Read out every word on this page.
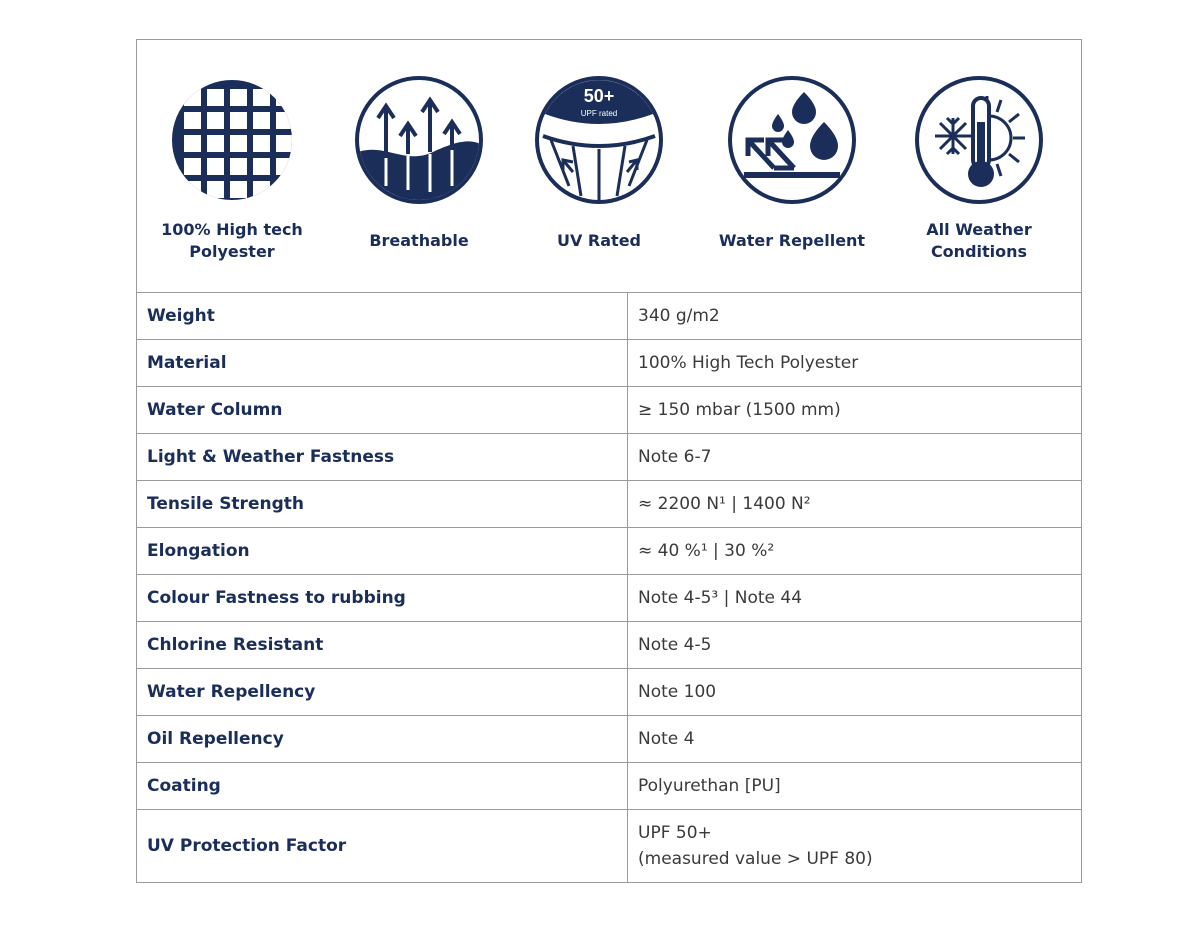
100% High tech
Polyester
Breathable
50+
UPF rated
UV Rated	Water Repellent
All Weather
Conditions
Weight	340 g/m2
Material	100% High Tech Polyester
Water Column	≥ 150 mbar (1500 mm)
Light & Weather Fastness	Note 6-7
Tensile Strength	≈ 2200 N¹ | 1400 N²
Elongation	≈ 40 %¹ | 30 %²
Colour Fastness to rubbing	Note 4-5³ | Note 44
Chlorine Resistant	Note 4-5
Water Repellency	Note 100
Oil Repellency	Note 4
Coating	Polyurethan [PU]
UV Protection Factor	UPF 50+
(measured value > UPF 80)
